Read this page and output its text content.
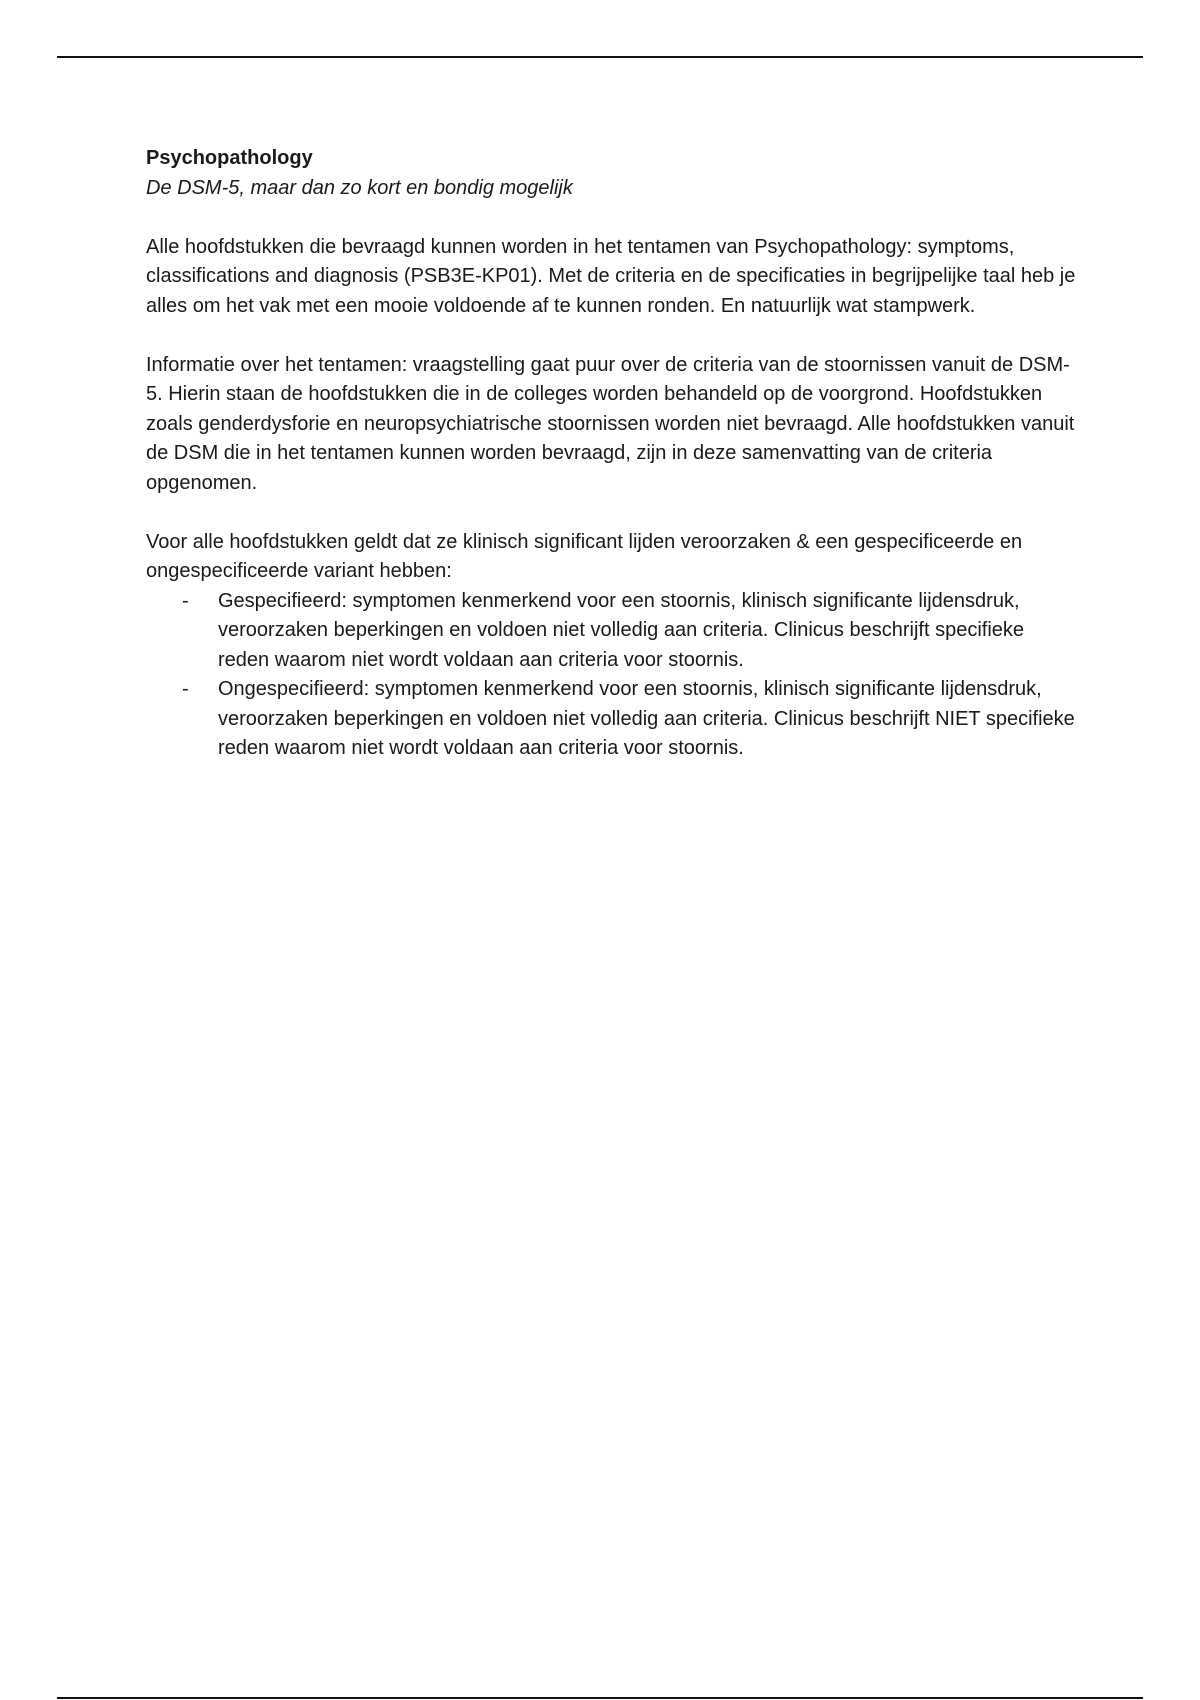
Psychopathology

De DSM-5, maar dan zo kort en bondig mogelijk

Alle hoofdstukken die bevraagd kunnen worden in het tentamen van Psychopathology: symptoms, classifications and diagnosis (PSB3E-KP01). Met de criteria en de specificaties in begrijpelijke taal heb je alles om het vak met een mooie voldoende af te kunnen ronden. En natuurlijk wat stampwerk.

Informatie over het tentamen: vraagstelling gaat puur over de criteria van de stoornissen vanuit de DSM-5. Hierin staan de hoofdstukken die in de colleges worden behandeld op de voorgrond. Hoofdstukken zoals genderdysforie en neuropsychiatrische stoornissen worden niet bevraagd. Alle hoofdstukken vanuit de DSM die in het tentamen kunnen worden bevraagd, zijn in deze samenvatting van de criteria opgenomen.

Voor alle hoofdstukken geldt dat ze klinisch significant lijden veroorzaken & een gespecificeerde en ongespecificeerde variant hebben:

- Gespecifieerd: symptomen kenmerkend voor een stoornis, klinisch significante lijdensdruk, veroorzaken beperkingen en voldoen niet volledig aan criteria. Clinicus beschrijft specifieke reden waarom niet wordt voldaan aan criteria voor stoornis.
- Ongespecifieerd: symptomen kenmerkend voor een stoornis, klinisch significante lijdensdruk, veroorzaken beperkingen en voldoen niet volledig aan criteria. Clinicus beschrijft NIET specifieke reden waarom niet wordt voldaan aan criteria voor stoornis.
